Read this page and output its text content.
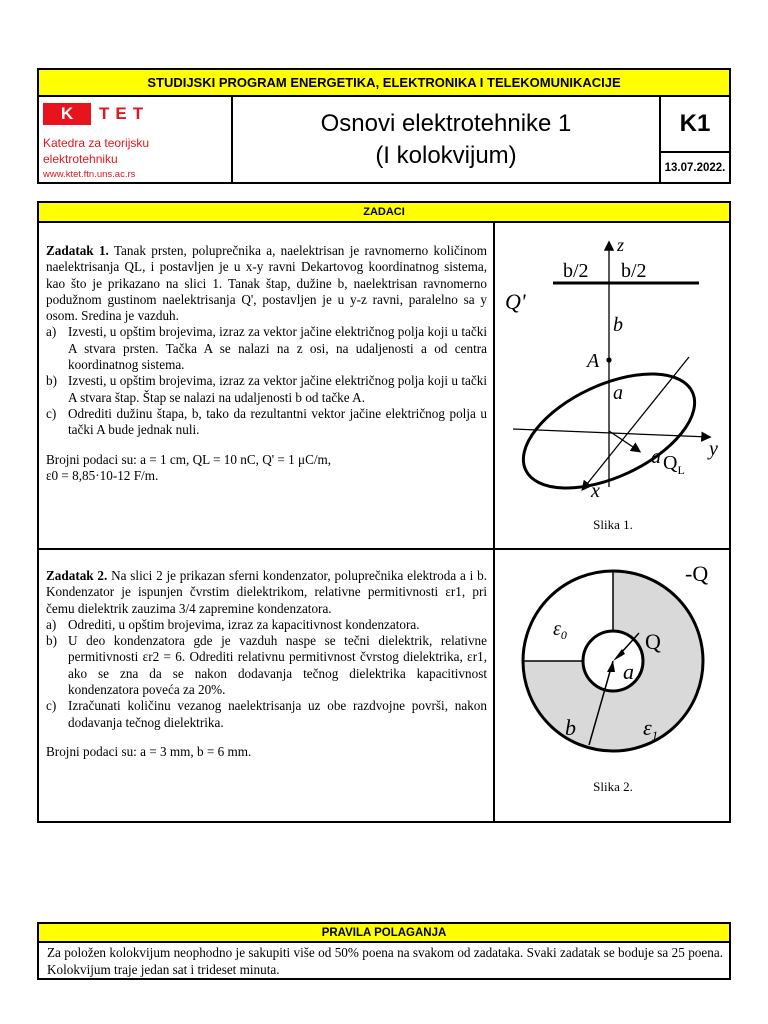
STUDIJSKI PROGRAM ENERGETIKA, ELEKTRONIKA I TELEKOMUNIKACIJE
K	TET
Katedra za teorijsku
elektrotehniku
www.ktet.ftn.uns.ac.rs
Osnovi elektrotehnike 1
(I kolokvijum)
K1
13.07.2022.
ZADACI

Zadatak 1. Tanak prsten, poluprečnika a, naelektrisan je ravnomerno količinom naelektrisanja QL, i postavljen je u x-y ravni Dekartovog koordinatnog sistema, kao što je prikazano na slici 1. Tanak štap, dužine b, naelektrisan ravnomerno podužnom gustinom naelektrisanja Q', postavljen je u y-z ravni, paralelno sa y osom. Sredina je vazduh.

a) Izvesti, u opštim brojevima, izraz za vektor jačine električnog polja koji u tački A stvara prsten. Tačka A se nalazi na z osi, na udaljenosti a od centra koordinatnog sistema.
b) Izvesti, u opštim brojevima, izraz za vektor jačine električnog polja koji u tački A stvara štap. Štap se nalazi na udaljenosti b od tačke A.
c) Odrediti dužinu štapa, b, tako da rezultantni vektor jačine električnog polja u tački A bude jednak nuli.

Brojni podaci su: a = 1 cm, QL = 10 nC, Q' = 1 μC/m,

ε0 = 8,85·10-12 F/m.

z
b/2 b/2
Q'
b
A
a
y
x
a $Q_L$
Slika 1.

Zadatak 2. Na slici 2 je prikazan sferni kondenzator, poluprečnika elektroda a i b. Kondenzator je ispunjen čvrstim dielektrikom, relativne permitivnosti εr1, pri čemu dielektrik zauzima 3/4 zapremine kondenzatora.

a) Odrediti, u opštim brojevima, izraz za kapacitivnost kondenzatora.
b) U deo kondenzatora gde je vazduh naspe se tečni dielektrik, relativne permitivnosti εr2 = 6. Odrediti relativnu permitivnost čvrstog dielektrika, εr1, ako se zna da se nakon dodavanja tečnog dielektrika kapacitivnost kondenzatora poveća za 20%.
c) Izračunati količinu vezanog naelektrisanja uz obe razdvojne površi, nakon dodavanja tečnog dielektrika.

Brojni podaci su: a = 3 mm, b = 6 mm.

-Q
Q
$\varepsilon_0$
$\varepsilon_1$
a
b
Slika 2.
PRAVILA POLAGANJA
Za položen kolokvijum neophodno je sakupiti više od 50% poena na svakom od zadataka. Svaki zadatak se boduje sa 25 poena. Kolokvijum traje jedan sat i trideset minuta.
